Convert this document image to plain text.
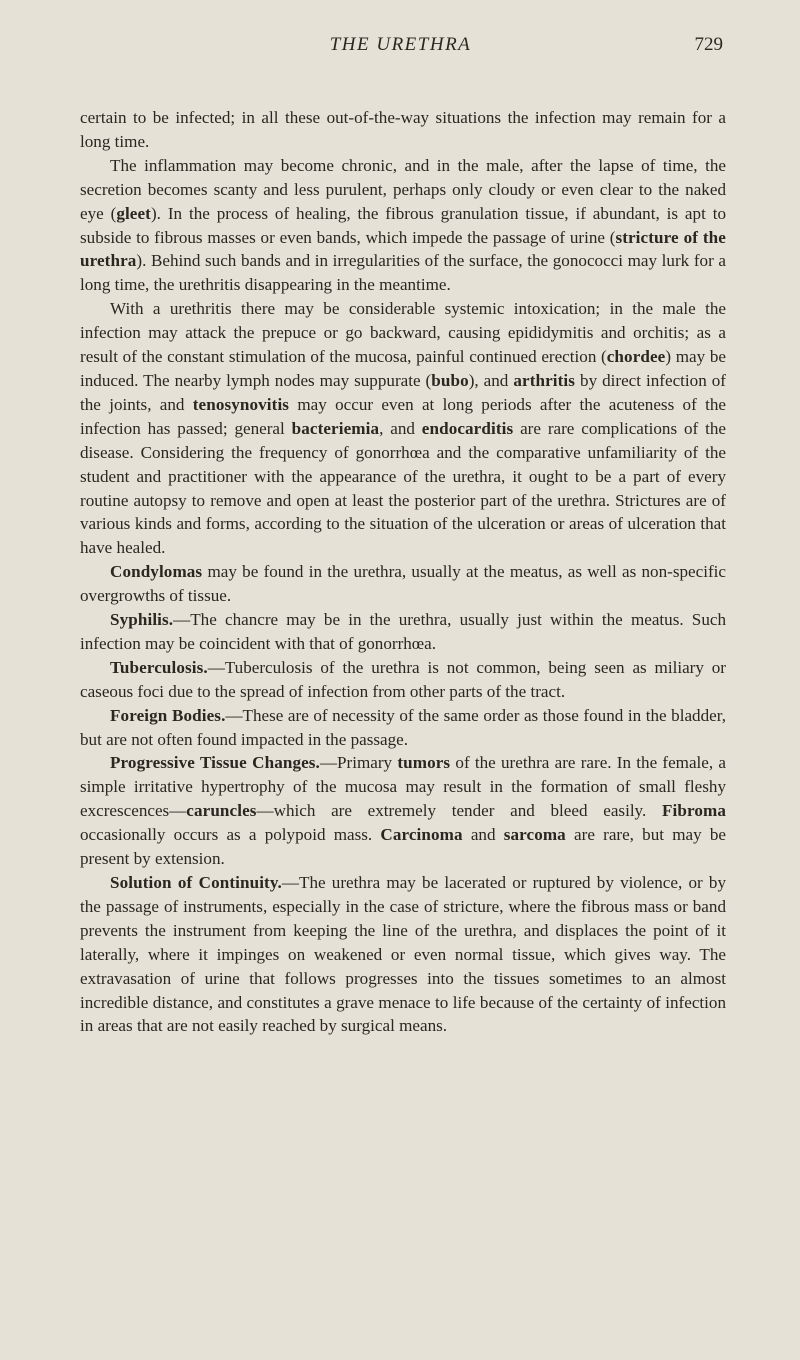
THE URETHRA	729

certain to be infected; in all these out-of-the-way situations the infection may remain for a long time.

The inflammation may become chronic, and in the male, after the lapse of time, the secretion becomes scanty and less purulent, perhaps only cloudy or even clear to the naked eye (gleet). In the process of healing, the fibrous granulation tissue, if abundant, is apt to subside to fibrous masses or even bands, which impede the passage of urine (stricture of the urethra). Behind such bands and in irregularities of the surface, the gonococci may lurk for a long time, the urethritis disappearing in the meantime.

With a urethritis there may be considerable systemic intoxication; in the male the infection may attack the prepuce or go backward, causing epididymitis and orchitis; as a result of the constant stimulation of the mucosa, painful continued erection (chordee) may be induced. The nearby lymph nodes may suppurate (bubo), and arthritis by direct infection of the joints, and tenosynovitis may occur even at long periods after the acuteness of the infection has passed; general bacteriemia, and endocarditis are rare complications of the disease. Considering the frequency of gonorrhœa and the comparative unfamiliarity of the student and practitioner with the appearance of the urethra, it ought to be a part of every routine autopsy to remove and open at least the posterior part of the urethra. Strictures are of various kinds and forms, according to the situation of the ulceration or areas of ulceration that have healed.

Condylomas may be found in the urethra, usually at the meatus, as well as non-specific overgrowths of tissue.

Syphilis.—The chancre may be in the urethra, usually just within the meatus. Such infection may be coincident with that of gonorrhœa.

Tuberculosis.—Tuberculosis of the urethra is not common, being seen as miliary or caseous foci due to the spread of infection from other parts of the tract.

Foreign Bodies.—These are of necessity of the same order as those found in the bladder, but are not often found impacted in the passage.

Progressive Tissue Changes.—Primary tumors of the urethra are rare. In the female, a simple irritative hypertrophy of the mucosa may result in the formation of small fleshy excrescences—caruncles—which are extremely tender and bleed easily. Fibroma occasionally occurs as a polypoid mass. Carcinoma and sarcoma are rare, but may be present by extension.

Solution of Continuity.—The urethra may be lacerated or ruptured by violence, or by the passage of instruments, especially in the case of stricture, where the fibrous mass or band prevents the instrument from keeping the line of the urethra, and displaces the point of it laterally, where it impinges on weakened or even normal tissue, which gives way. The extravasation of urine that follows progresses into the tissues sometimes to an almost incredible distance, and constitutes a grave menace to life because of the certainty of infection in areas that are not easily reached by surgical means.
